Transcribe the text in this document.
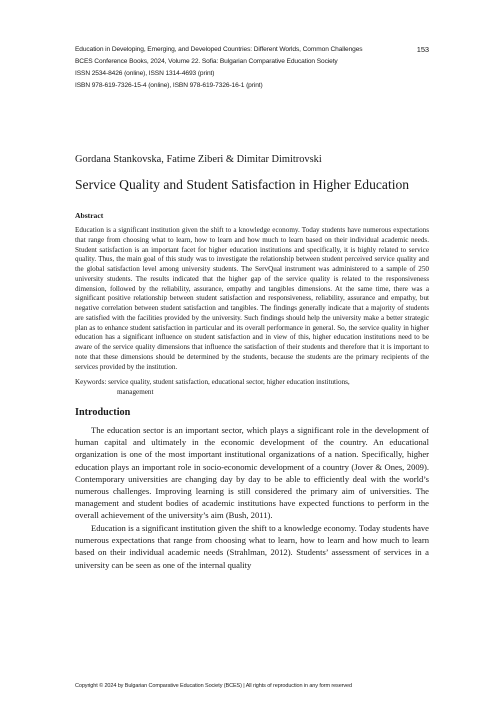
Education in Developing, Emerging, and Developed Countries: Different Worlds, Common Challenges	153
BCES Conference Books, 2024, Volume 22. Sofia: Bulgarian Comparative Education Society
ISSN 2534-8426 (online), ISSN 1314-4693 (print)
ISBN 978-619-7326-15-4 (online), ISBN 978-619-7326-16-1 (print)
Gordana Stankovska, Fatime Ziberi & Dimitar Dimitrovski
Service Quality and Student Satisfaction in Higher Education
Abstract
Education is a significant institution given the shift to a knowledge economy. Today students have numerous expectations that range from choosing what to learn, how to learn and how much to learn based on their individual academic needs. Student satisfaction is an important facet for higher education institutions and specifically, it is highly related to service quality. Thus, the main goal of this study was to investigate the relationship between student perceived service quality and the global satisfaction level among university students. The ServQual instrument was administered to a sample of 250 university students. The results indicated that the higher gap of the service quality is related to the responsiveness dimension, followed by the reliability, assurance, empathy and tangibles dimensions. At the same time, there was a significant positive relationship between student satisfaction and responsiveness, reliability, assurance and empathy, but negative correlation between student satisfaction and tangibles. The findings generally indicate that a majority of students are satisfied with the facilities provided by the university. Such findings should help the university make a better strategic plan as to enhance student satisfaction in particular and its overall performance in general. So, the service quality in higher education has a significant influence on student satisfaction and in view of this, higher education institutions need to be aware of the service quality dimensions that influence the satisfaction of their students and therefore that it is important to note that these dimensions should be determined by the students, because the students are the primary recipients of the services provided by the institution.
Keywords: service quality, student satisfaction, educational sector, higher education institutions,
management
Introduction
The education sector is an important sector, which plays a significant role in the development of human capital and ultimately in the economic development of the country. An educational organization is one of the most important institutional organizations of a nation. Specifically, higher education plays an important role in socio-economic development of a country (Jover & Ones, 2009). Contemporary universities are changing day by day to be able to efficiently deal with the world’s numerous challenges. Improving learning is still considered the primary aim of universities. The management and student bodies of academic institutions have expected functions to perform in the overall achievement of the university’s aim (Bush, 2011).
Education is a significant institution given the shift to a knowledge economy. Today students have numerous expectations that range from choosing what to learn, how to learn and how much to learn based on their individual academic needs (Strahlman, 2012). Students’ assessment of services in a university can be seen as one of the internal quality
Copyright © 2024 by Bulgarian Comparative Education Society (BCES) | All rights of reproduction in any form reserved
